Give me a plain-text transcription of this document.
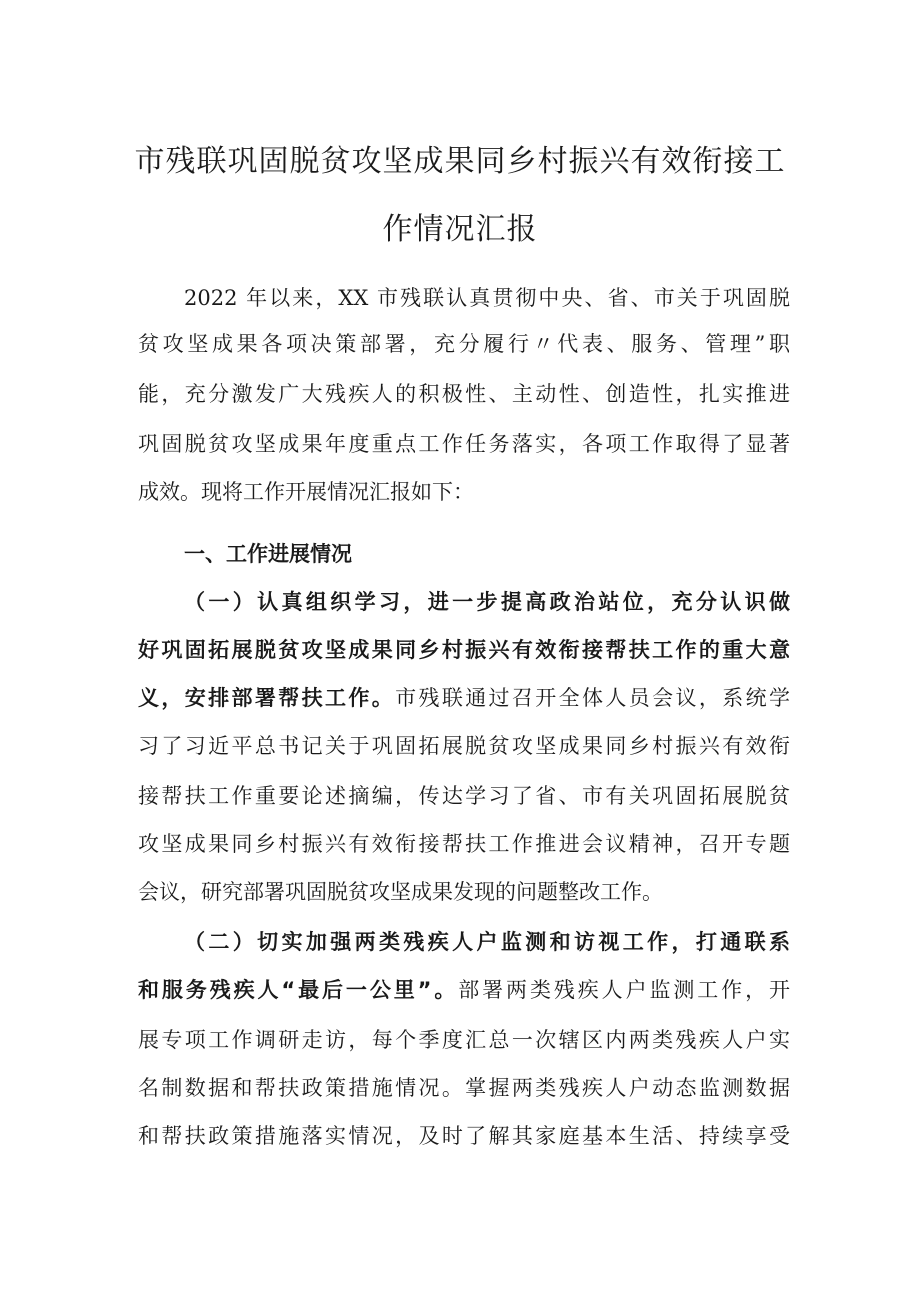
市残联巩固脱贫攻坚成果同乡村振兴有效衔接工
作情况汇报
2022 年以来，XX 市残联认真贯彻中央、省、市关于巩固脱
贫攻坚成果各项决策部署，充分履行〃代表、服务、管理”职
能，充分激发广大残疾人的积极性、主动性、创造性，扎实推进
巩固脱贫攻坚成果年度重点工作任务落实，各项工作取得了显著
成效。现将工作开展情况汇报如下：
一、工作进展情况
（一）认真组织学习，进一步提高政治站位，充分认识做
好巩固拓展脱贫攻坚成果同乡村振兴有效衔接帮扶工作的重大意
义，安排部署帮扶工作。市残联通过召开全体人员会议，系统学
习了习近平总书记关于巩固拓展脱贫攻坚成果同乡村振兴有效衔
接帮扶工作重要论述摘编，传达学习了省、市有关巩固拓展脱贫
攻坚成果同乡村振兴有效衔接帮扶工作推进会议精神，召开专题
会议，研究部署巩固脱贫攻坚成果发现的问题整改工作。
（二）切实加强两类残疾人户监测和访视工作，打通联系
和服务残疾人“最后一公里”。部署两类残疾人户监测工作，开
展专项工作调研走访，每个季度汇总一次辖区内两类残疾人户实
名制数据和帮扶政策措施情况。掌握两类残疾人户动态监测数据
和帮扶政策措施落实情况，及时了解其家庭基本生活、持续享受
